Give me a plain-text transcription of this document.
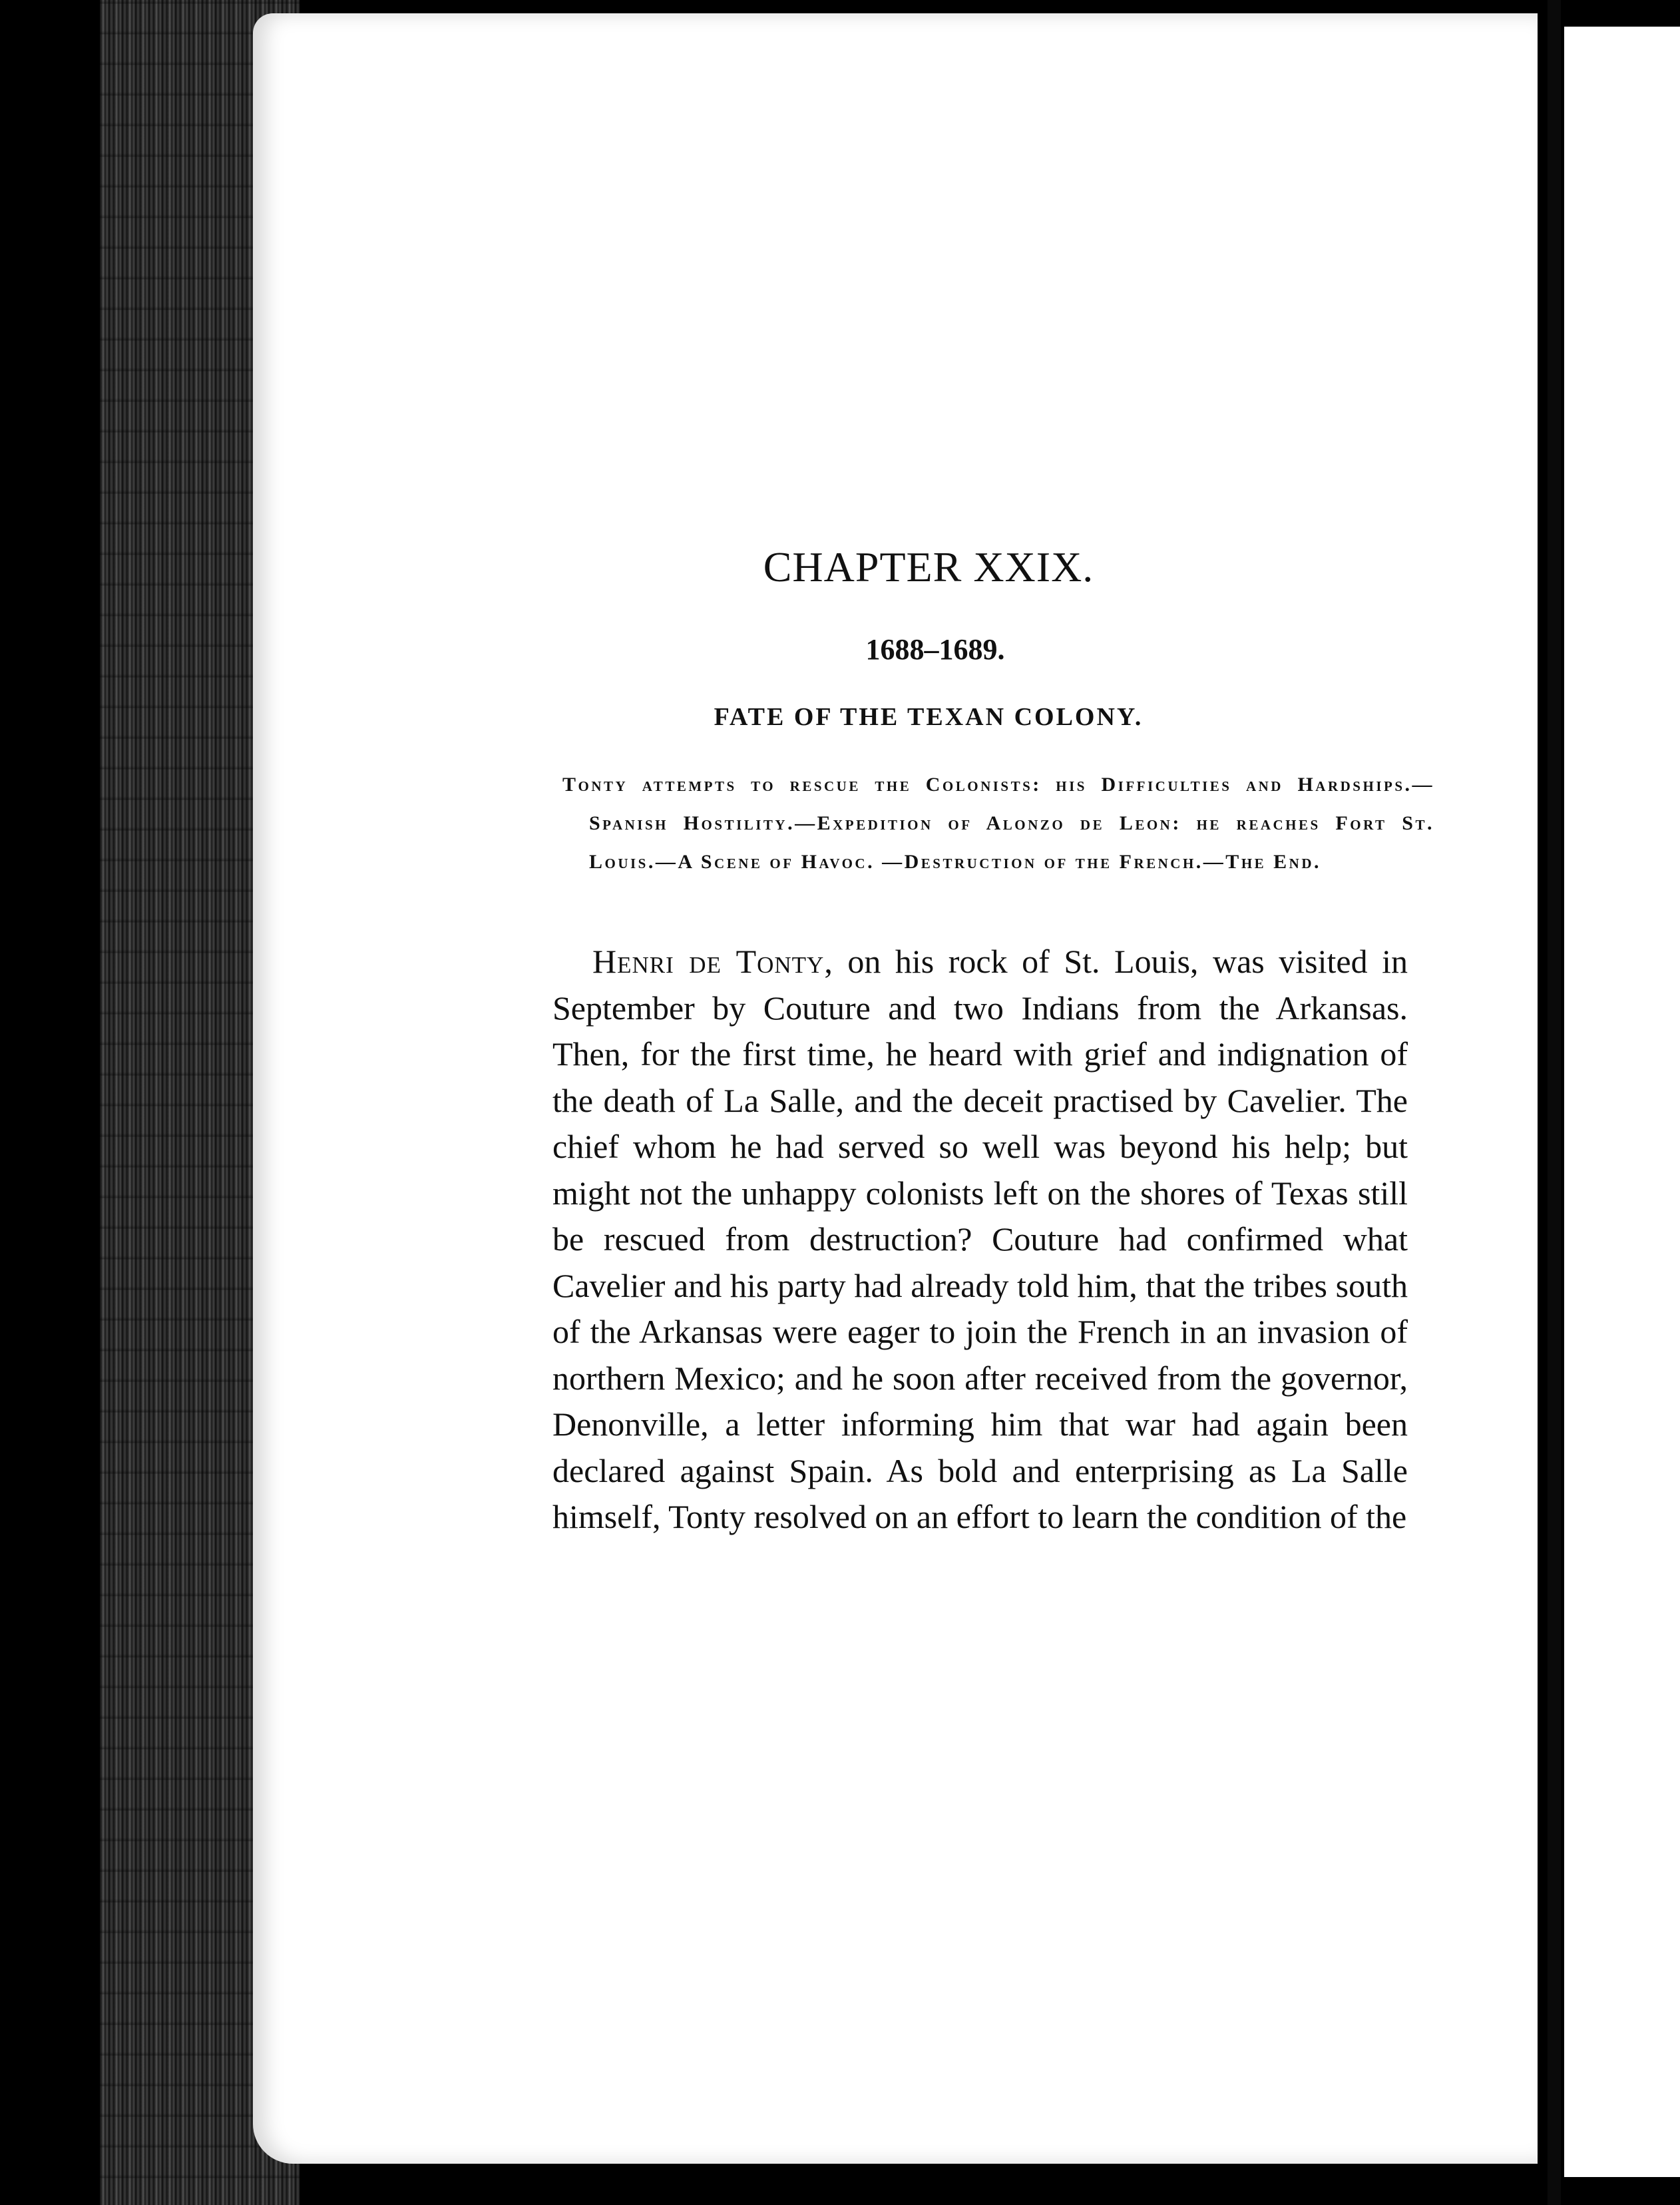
CHAPTER XXIX.
1688–1689.
FATE OF THE TEXAN COLONY.

Tonty attempts to rescue the Colonists: his Difficulties and Hardships.—Spanish Hostility.—Expedition of Alonzo de Leon: he reaches Fort St. Louis.—A Scene of Havoc. —Destruction of the French.—The End.

Henri de Tonty, on his rock of St. Louis, was visited in September by Couture and two Indians from the Arkansas. Then, for the first time, he heard with grief and indignation of the death of La Salle, and the deceit practised by Cavelier. The chief whom he had served so well was beyond his help; but might not the unhappy colonists left on the shores of Texas still be rescued from destruction? Couture had confirmed what Cavelier and his party had already told him, that the tribes south of the Arkansas were eager to join the French in an invasion of northern Mexico; and he soon after received from the governor, Denonville, a letter informing him that war had again been declared against Spain. As bold and enterprising as La Salle himself, Tonty resolved on an effort to learn the condition of the
